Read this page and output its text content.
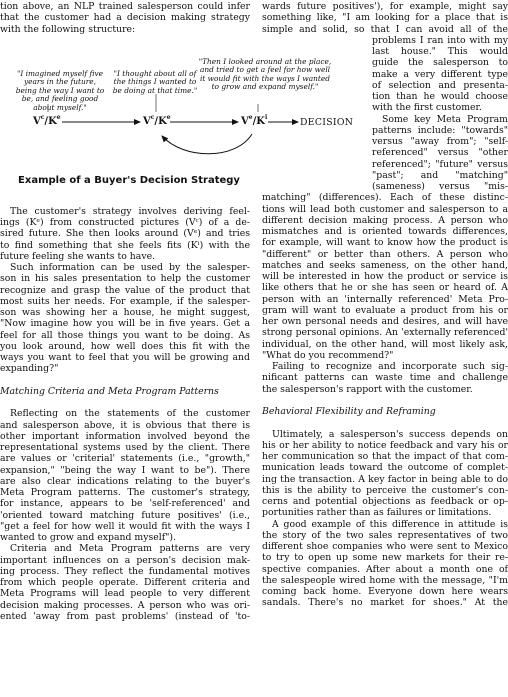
tion above, an NLP trained salesperson could infer
that the customer had a decision making strategy
with the following structure:
The customer's strategy involves deriving feel-
ings (Kᵉ) from constructed pictures (Vᶜ) of a de-
sired future. She then looks around (Vᵉ) and tries
to find something that she feels fits (Kⁱ) with the
future feeling she wants to have.
Such information can be used by the salesper-
son in his sales presentation to help the customer
recognize and grasp the value of the product that
most suits her needs. For example, if the salesper-
son was showing her a house, he might suggest,
"Now imagine how you will be in five years. Get a
feel for all those things you want to be doing. As
you look around, how well does this fit with the
ways you want to feel that you will be growing and
expanding?"
Matching Criteria and Meta Program Patterns
Reflecting on the statements of the customer
and salesperson above, it is obvious that there is
other important information involved beyond the
representational systems used by the client. There
are values or 'criterial' statements (i.e., "growth,"
expansion," "being the way I want to be"). There
are also clear indications relating to the buyer's
Meta Program patterns. The customer's strategy,
for instance, appears to be 'self-referenced' and
'oriented toward matching future positives' (i.e.,
"get a feel for how well it would fit with the ways I
wanted to grow and expand myself").
Criteria and Meta Program patterns are very
important influences on a person's decision mak-
ing process. They reflect the fundamental motives
from which people operate. Different criteria and
Meta Programs will lead people to very different
decision making processes. A person who was ori-
ented 'away from past problems' (instead of 'to-
"I imagined myself five years in the future, being the way I want to be, and feeling good about myself."
"I thought about all of the things I wanted to be doing at that time."
"Then I looked around at the place, and tried to get a feel for how well it would fit with the ways I wanted to grow and expand myself."
$V^c/K^e$	$V^c/K^e$	$Ve/K^i$	DECISION
Example of a Buyer's Decision Strategy
wards future positives'), for example, might say
something like, "I am looking for a place that is
simple and solid, so that I can avoid all of the
problems I ran into with my
last house." This would
guide the salesperson to
make a very different type
of selection and presenta-
tion than he would choose
with the first customer.
Some key Meta Program
patterns include: "towards"
versus "away from"; "self-
referenced" versus "other
referenced"; "future" versus
"past"; and "matching"
(sameness) versus "mis-
matching" (differences). Each of these distinc-
tions will lead both customer and salesperson to a
different decision making process. A person who
mismatches and is oriented towards differences,
for example, will want to know how the product is
"different" or better than others. A person who
matches and seeks sameness, on the other hand,
will be interested in how the product or service is
like others that he or she has seen or heard of. A
person with an 'internally referenced' Meta Pro-
gram will want to evaluate a product from his or
her own personal needs and desires, and will have
strong personal opinions. An 'externally referenced'
individual, on the other hand, will most likely ask,
"What do you recommend?"
Failing to recognize and incorporate such sig-
nificant patterns can waste time and challenge
the salesperson's rapport with the customer.
Behavioral Flexibility and Reframing
Ultimately, a salesperson's success depends on
his or her ability to notice feedback and vary his or
her communication so that the impact of that com-
munication leads toward the outcome of complet-
ing the transaction. A key factor in being able to do
this is the ability to perceive the customer's con-
cerns and potential objections as feedback or op-
portunities rather than as failures or limitations.
A good example of this difference in attitude is
the story of the two sales representatives of two
different shoe companies who were sent to Mexico
to try to open up some new markets for their re-
spective companies. After about a month one of
the salespeople wired home with the message, "I'm
coming back home. Everyone down here wears
sandals. There's no market for shoes." At the
